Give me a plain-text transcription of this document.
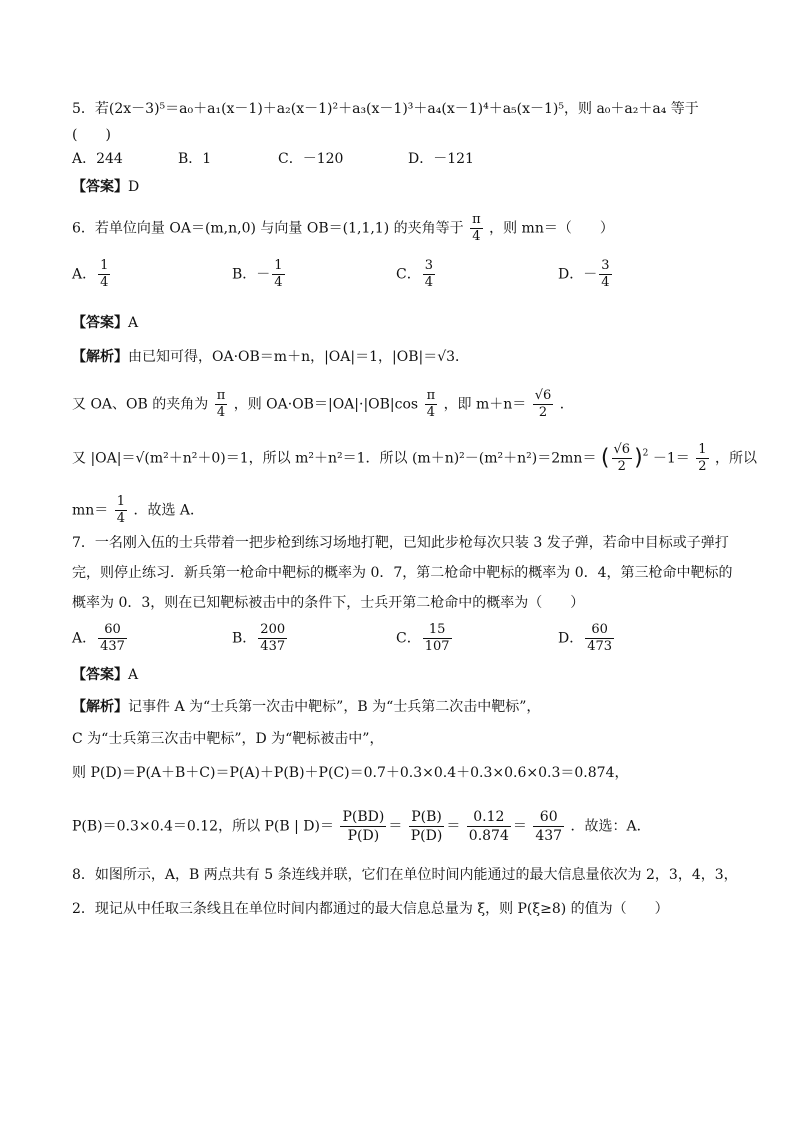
5．若(2x－3)⁵＝a₀＋a₁(x－1)＋a₂(x－1)²＋a₃(x－1)³＋a₄(x－1)⁴＋a₅(x－1)⁵，则 a₀＋a₂＋a₄ 等于
(　　)
A．244	B．1	C．－120	D．－121
【答案】D
6．若单位向量 OA＝(m,n,0) 与向量 OB＝(1,1,1) 的夹角等于 $\frac{\pi}{4}$ ，则 mn＝（　　）
A． $\frac{1}{4}$	B．－ $\frac{1}{4}$	C． $\frac{3}{4}$	D．－ $\frac{3}{4}$
【答案】A
【解析】由已知可得，OA·OB＝m＋n，|OA|＝1，|OB|＝√3．
又 OA、OB 的夹角为 $\frac{\pi}{4}$ ，则 $OA\cdot OB=|OA|\cdot|OB|\cos \frac{\pi}{4}$ ，即 $m+n= \frac{√6}{2}$ ．
又 |OA|＝√(m²＋n²＋0)＝1，所以 m²＋n²＝1．所以 (m＋n)²－(m²＋n²)＝2mn＝ ( $\frac{√6}{2} )^2 -1= \frac{1}{2}$ ，所以
$mn= \frac{1}{4}$ ．故选 A．
7．一名刚入伍的士兵带着一把步枪到练习场地打靶，已知此步枪每次只装 3 发子弹，若命中目标或子弹打
完，则停止练习．新兵第一枪命中靶标的概率为 0．7，第二枪命中靶标的概率为 0．4，第三枪命中靶标的
概率为 0．3，则在已知靶标被击中的条件下，士兵开第二枪命中的概率为（　　）
A． $\frac{60}{437}$	B． $\frac{200}{437}$	C． $\frac{15}{107}$	D． $\frac{60}{473}$
【答案】A
【解析】记事件 A 为“士兵第一次击中靶标”，B 为“士兵第二次击中靶标”，
C 为“士兵第三次击中靶标”，D 为“靶标被击中”，
则 P(D)＝P(A＋B＋C)＝P(A)＋P(B)＋P(C)＝0.7＋0.3×0.4＋0.3×0.6×0.3＝0.874，
P(B)＝0.3×0.4＝0.12，所以 P(B | $D)= \frac{P(BD)}{P(D)} = \frac{P(B)}{P(D)} = \frac{0.12}{0.874} = \frac{60}{437}$ ．故选：A．
8．如图所示，A，B 两点共有 5 条连线并联，它们在单位时间内能通过的最大信息量依次为 2，3，4，3，
2．现记从中任取三条线且在单位时间内都通过的最大信息总量为 ξ，则 P(ξ≥8) 的值为（　　）
